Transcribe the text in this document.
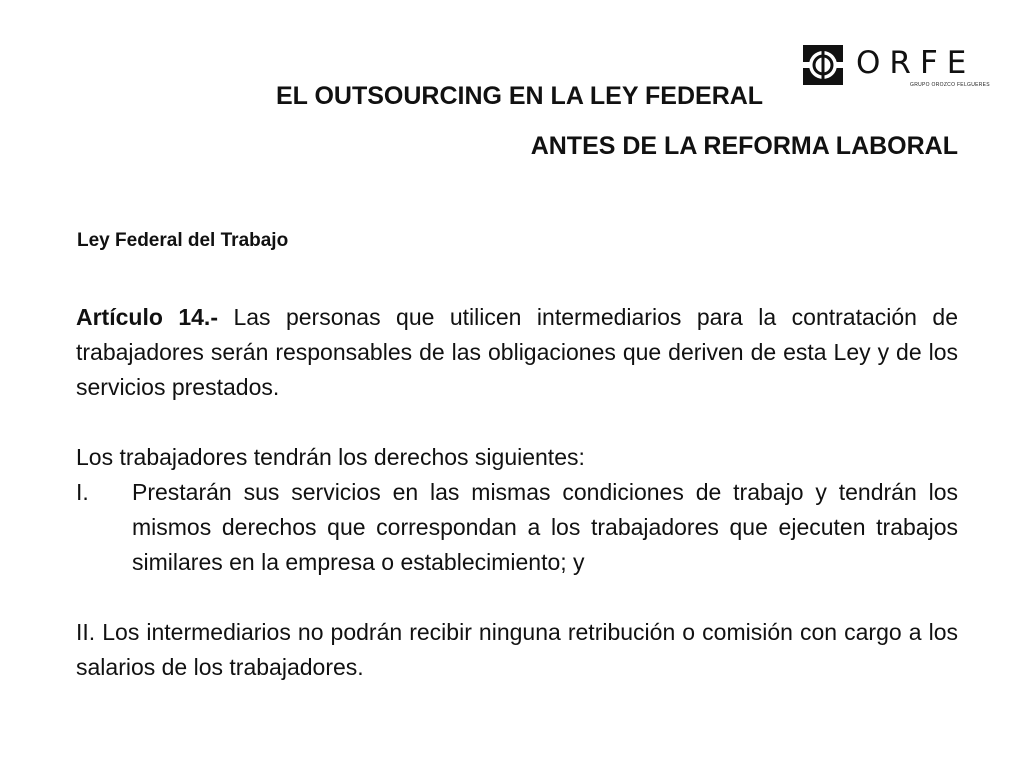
ORFE
GRUPO OROZCO FELGUERES
EL OUTSOURCING EN LA LEY FEDERAL
ANTES DE LA REFORMA LABORAL
Ley Federal del Trabajo

Artículo 14.- Las personas que utilicen intermediarios para la contratación de trabajadores serán responsables de las obligaciones que deriven de esta Ley y de los servicios prestados.

Los trabajadores tendrán los derechos siguientes:

I.	Prestarán sus servicios en las mismas condiciones de trabajo y tendrán los mismos derechos que correspondan a los trabajadores que ejecuten trabajos similares en la empresa o establecimiento; y

II. Los intermediarios no podrán recibir ninguna retribución o comisión con cargo a los salarios de los trabajadores.
